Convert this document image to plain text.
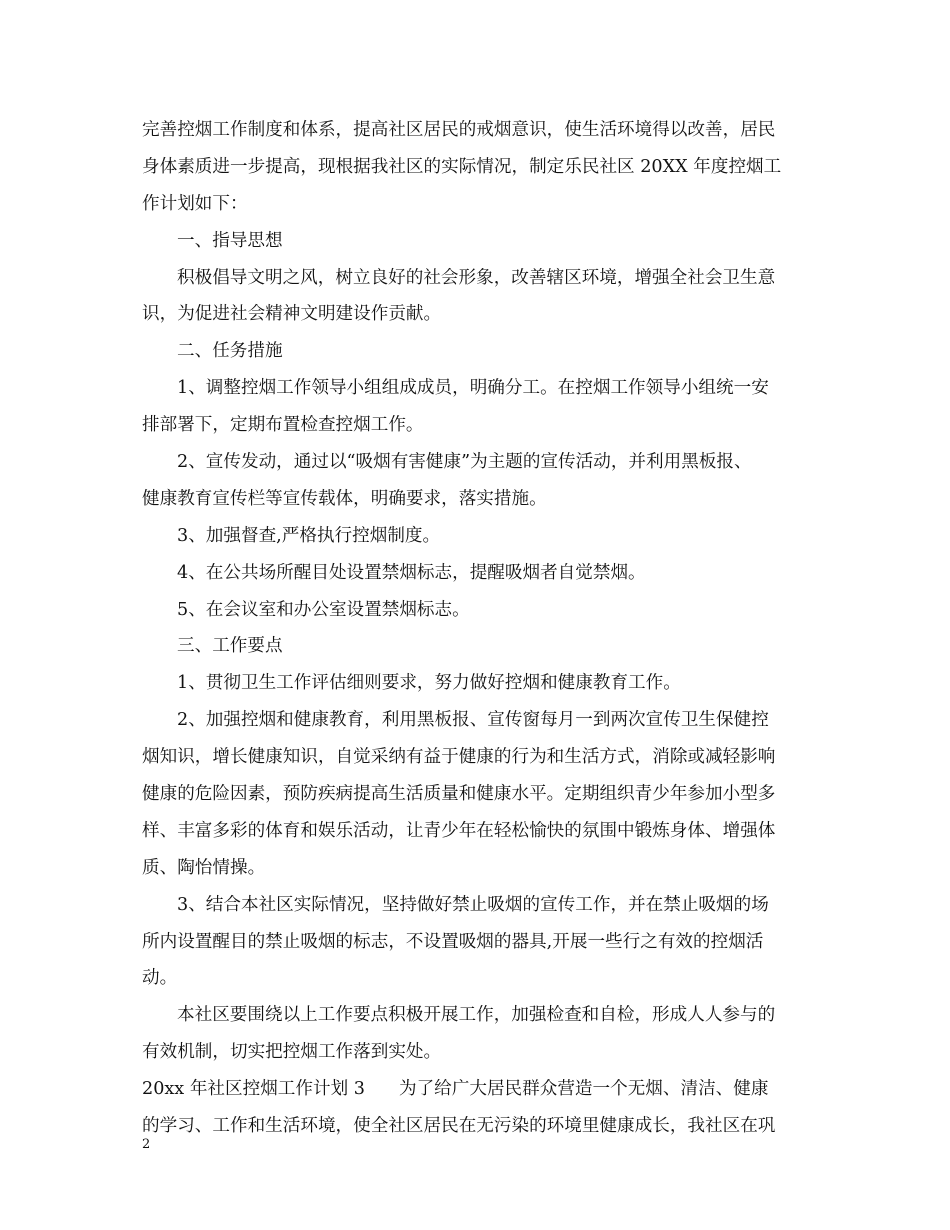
完善控烟工作制度和体系，提高社区居民的戒烟意识，使生活环境得以改善，居民
身体素质进一步提高，现根据我社区的实际情况，制定乐民社区 20XX 年度控烟工
作计划如下：
一、指导思想
积极倡导文明之风，树立良好的社会形象，改善辖区环境，增强全社会卫生意
识，为促进社会精神文明建设作贡献。
二、任务措施
1、调整控烟工作领导小组组成成员，明确分工。在控烟工作领导小组统一安
排部署下，定期布置检查控烟工作。
2、宣传发动，通过以“吸烟有害健康”为主题的宣传活动，并利用黑板报、
健康教育宣传栏等宣传载体，明确要求，落实措施。
3、加强督查,严格执行控烟制度。
4、在公共场所醒目处设置禁烟标志，提醒吸烟者自觉禁烟。
5、在会议室和办公室设置禁烟标志。
三、工作要点
1、贯彻卫生工作评估细则要求，努力做好控烟和健康教育工作。
2、加强控烟和健康教育，利用黑板报、宣传窗每月一到两次宣传卫生保健控
烟知识，增长健康知识，自觉采纳有益于健康的行为和生活方式，消除或减轻影响
健康的危险因素，预防疾病提高生活质量和健康水平。定期组织青少年参加小型多
样、丰富多彩的体育和娱乐活动，让青少年在轻松愉快的氛围中锻炼身体、增强体
质、陶怡情操。
3、结合本社区实际情况，坚持做好禁止吸烟的宣传工作，并在禁止吸烟的场
所内设置醒目的禁止吸烟的标志，不设置吸烟的器具,开展一些行之有效的控烟活
动。
本社区要围绕以上工作要点积极开展工作，加强检查和自检，形成人人参与的
有效机制，切实把控烟工作落到实处。
20xx 年社区控烟工作计划 3 为了给广大居民群众营造一个无烟、清洁、健康
的学习、工作和生活环境，使全社区居民在无污染的环境里健康成长，我社区在巩
2
